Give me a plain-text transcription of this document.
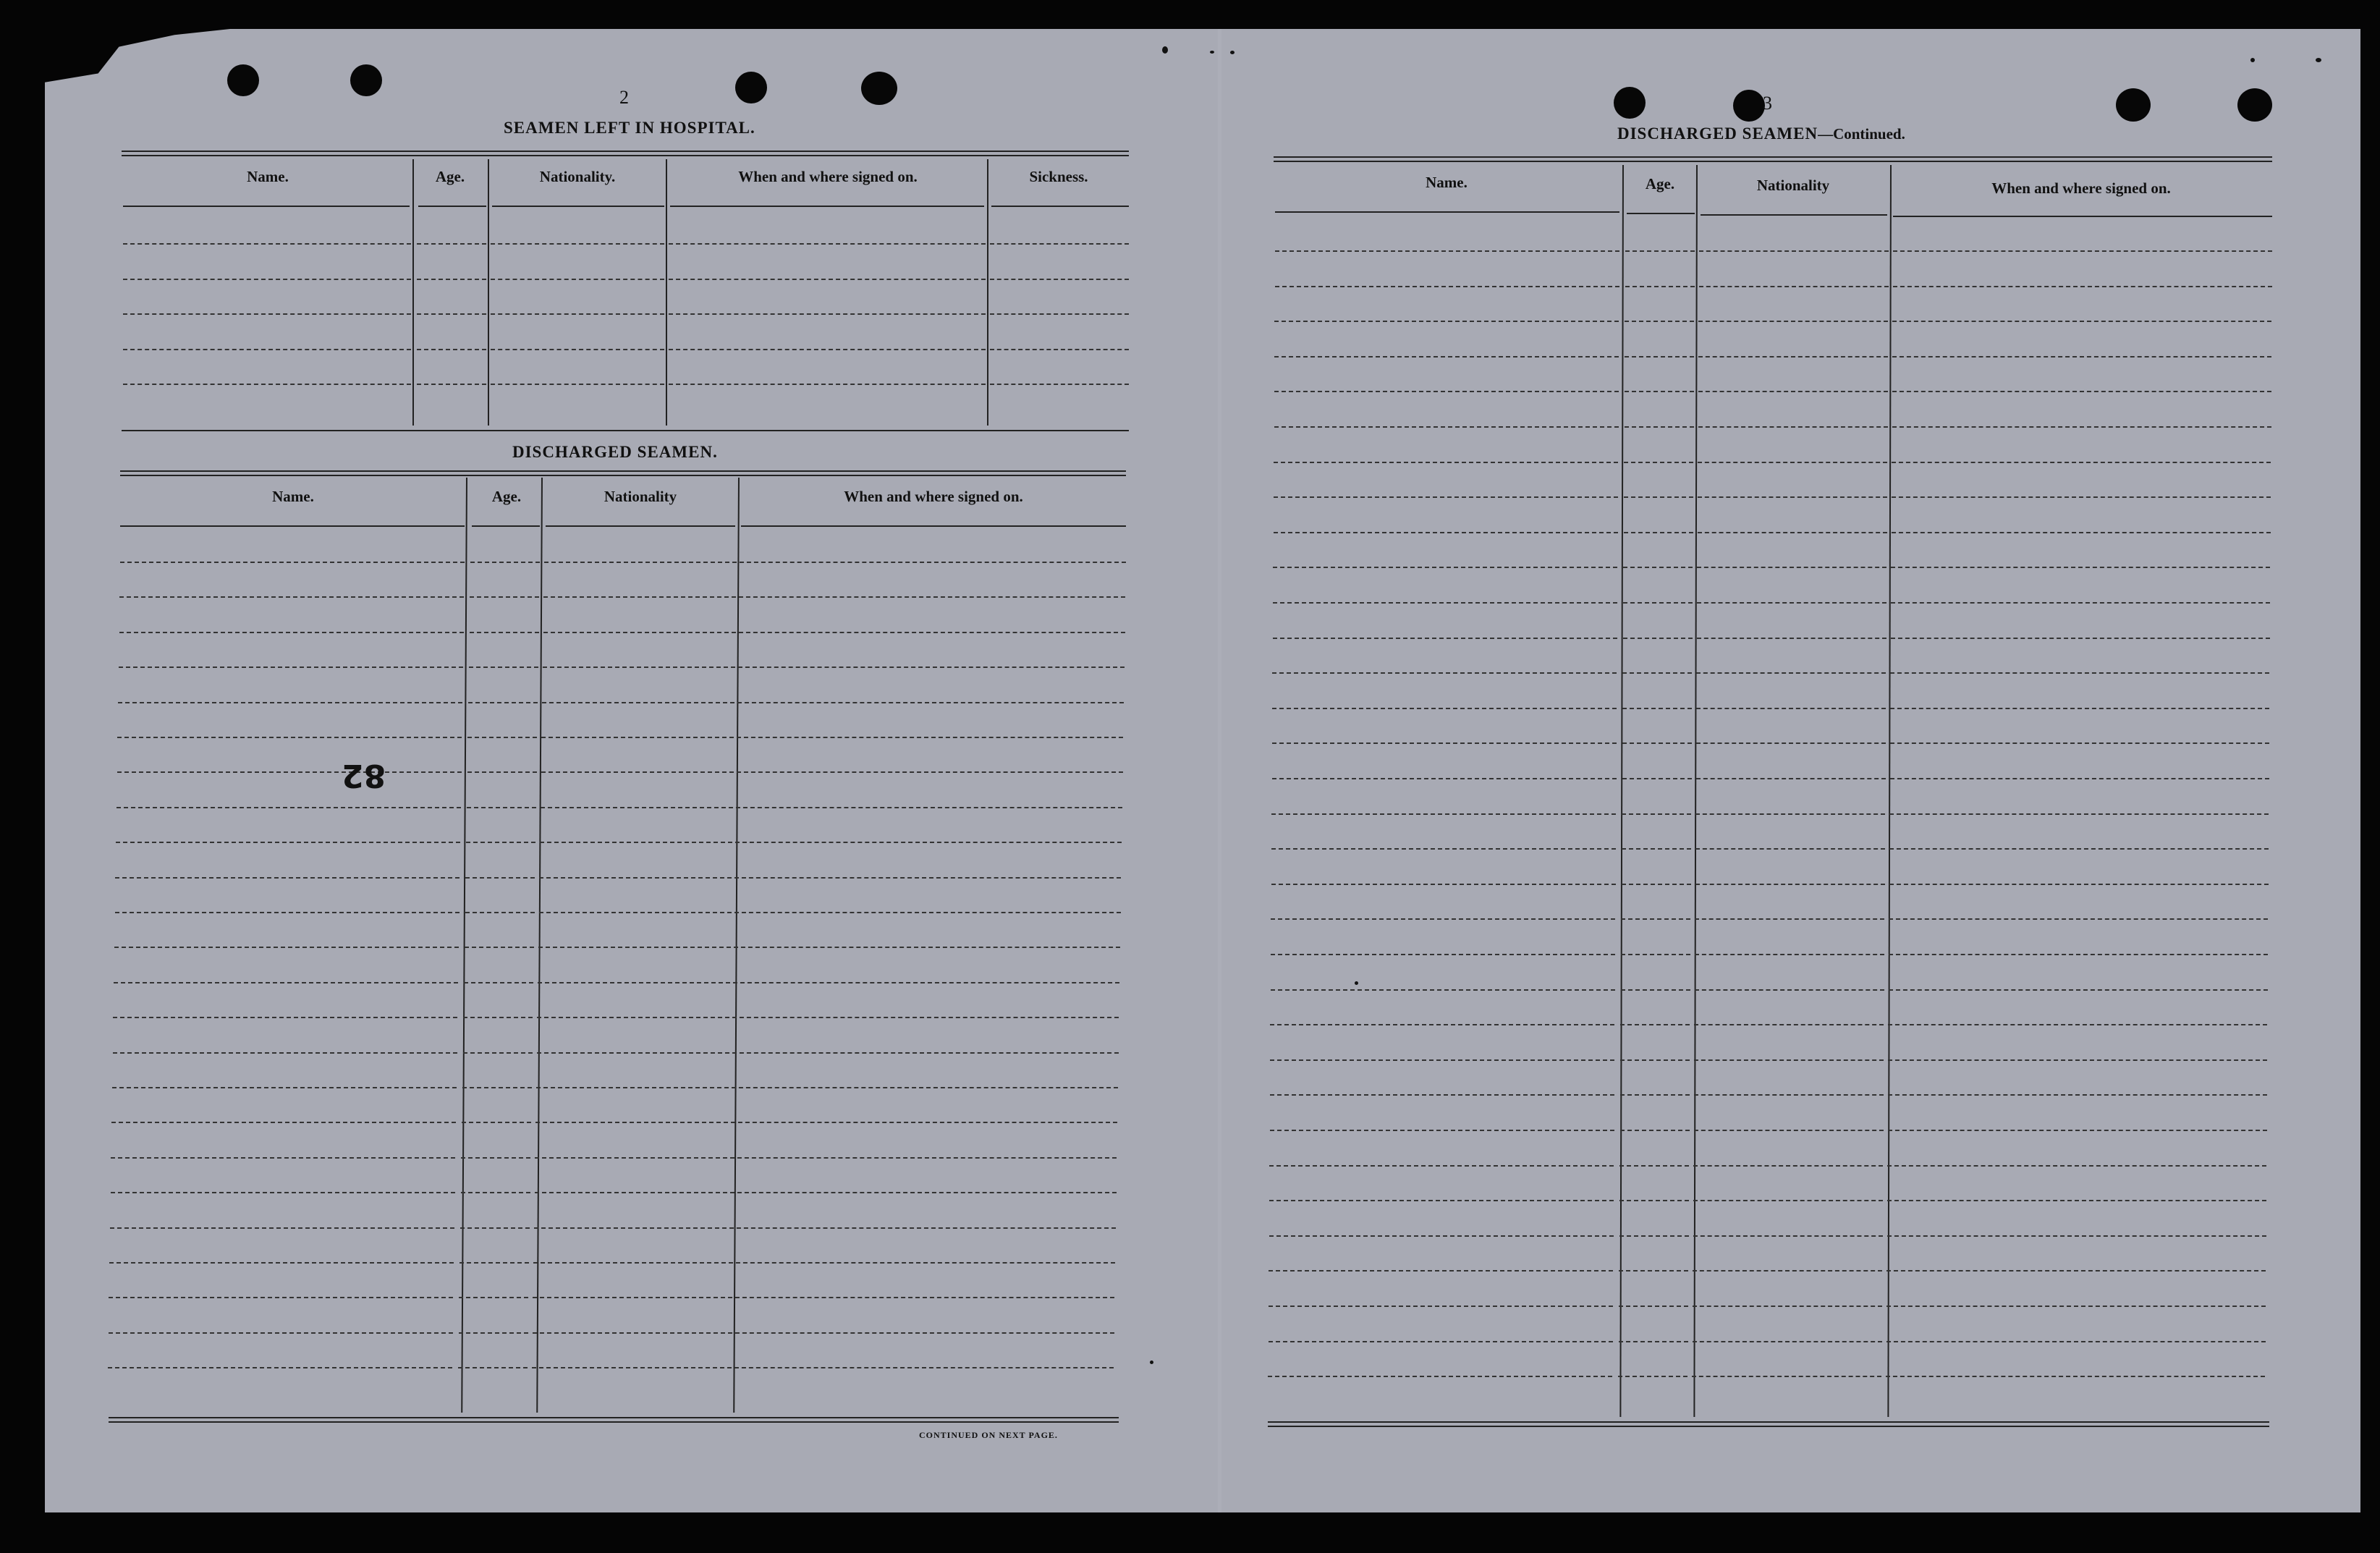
2
SEAMEN LEFT IN HOSPITAL.
Name.	Age.	Nationality.	When and where signed on.	Sickness.
DISCHARGED SEAMEN.
Name.	Age.	Nationality	When and where signed on.
82
CONTINUED ON NEXT PAGE.
3
DISCHARGED SEAMEN—Continued.
Name.	Age.	Nationality	When and where signed on.
